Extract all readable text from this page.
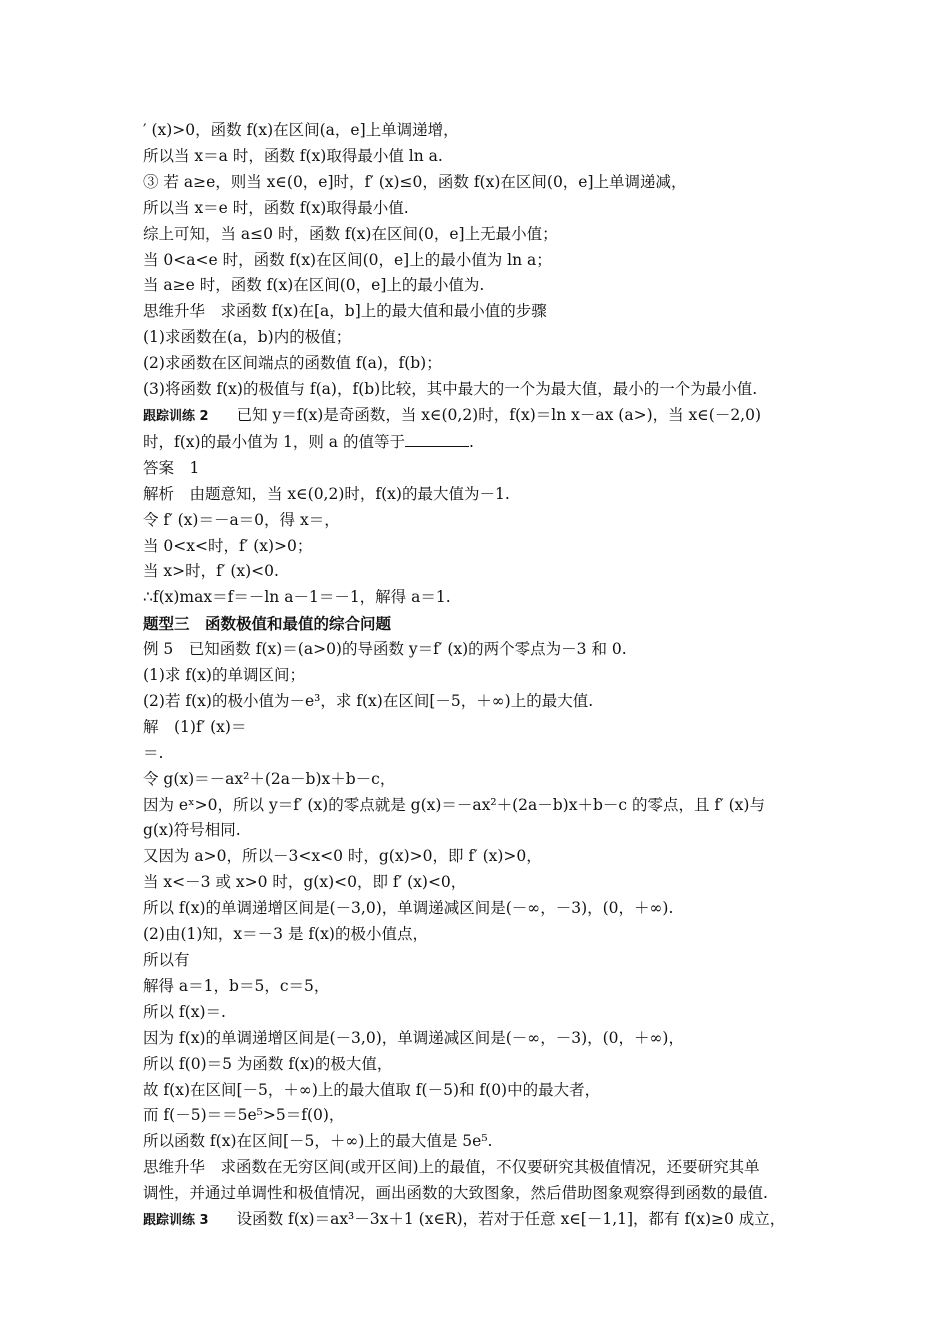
′ (x)>0，函数 f(x)在区间(a，e]上单调递增，
所以当 x＝a 时，函数 f(x)取得最小值 ln a.
③ 若 a≥e，则当 x∈(0，e]时，f′ (x)≤0，函数 f(x)在区间(0，e]上单调递减，
所以当 x＝e 时，函数 f(x)取得最小值.
综上可知，当 a≤0 时，函数 f(x)在区间(0，e]上无最小值；
当 0<a<e 时，函数 f(x)在区间(0，e]上的最小值为 ln a；
当 a≥e 时，函数 f(x)在区间(0，e]上的最小值为.
思维升华　求函数 f(x)在[a，b]上的最大值和最小值的步骤
(1)求函数在(a，b)内的极值；
(2)求函数在区间端点的函数值 f(a)，f(b)；
(3)将函数 f(x)的极值与 f(a)，f(b)比较，其中最大的一个为最大值，最小的一个为最小值.
跟踪训练 2 已知 y＝f(x)是奇函数，当 x∈(0,2)时，f(x)＝ln x－ax (a>)，当 x∈(－2,0)
时，f(x)的最小值为 1，则 a 的值等于	.
答案　1
解析　由题意知，当 x∈(0,2)时，f(x)的最大值为－1.
令 f′ (x)＝－a＝0，得 x＝，
当 0<x<时，f′ (x)>0；
当 x>时，f′ (x)<0.
∴f(x)max＝f＝－ln a－1＝－1，解得 a＝1.
题型三　函数极值和最值的综合问题
例 5　已知函数 f(x)＝(a>0)的导函数 y＝f′ (x)的两个零点为－3 和 0.
(1)求 f(x)的单调区间；
(2)若 f(x)的极小值为－e³，求 f(x)在区间[－5，＋∞)上的最大值.
解　(1)f′ (x)＝
＝.
令 g(x)＝－ax²＋(2a－b)x＋b－c，
因为 eˣ>0，所以 y＝f′ (x)的零点就是 g(x)＝－ax²＋(2a－b)x＋b－c 的零点，且 f′ (x)与
g(x)符号相同.
又因为 a>0，所以－3<x<0 时，g(x)>0，即 f′ (x)>0，
当 x<－3 或 x>0 时，g(x)<0，即 f′ (x)<0，
所以 f(x)的单调递增区间是(－3,0)，单调递减区间是(－∞，－3)，(0，＋∞).
(2)由(1)知，x＝－3 是 f(x)的极小值点，
所以有
解得 a＝1，b＝5，c＝5，
所以 f(x)＝.
因为 f(x)的单调递增区间是(－3,0)，单调递减区间是(－∞，－3)，(0，＋∞)，
所以 f(0)＝5 为函数 f(x)的极大值，
故 f(x)在区间[－5，＋∞)上的最大值取 f(－5)和 f(0)中的最大者，
而 f(－5)＝＝5e⁵>5＝f(0)，
所以函数 f(x)在区间[－5，＋∞)上的最大值是 5e⁵.
思维升华　求函数在无穷区间(或开区间)上的最值，不仅要研究其极值情况，还要研究其单
调性，并通过单调性和极值情况，画出函数的大致图象，然后借助图象观察得到函数的最值.
跟踪训练 3 设函数 f(x)＝ax³－3x＋1 (x∈R)，若对于任意 x∈[－1,1]，都有 f(x)≥0 成立，
